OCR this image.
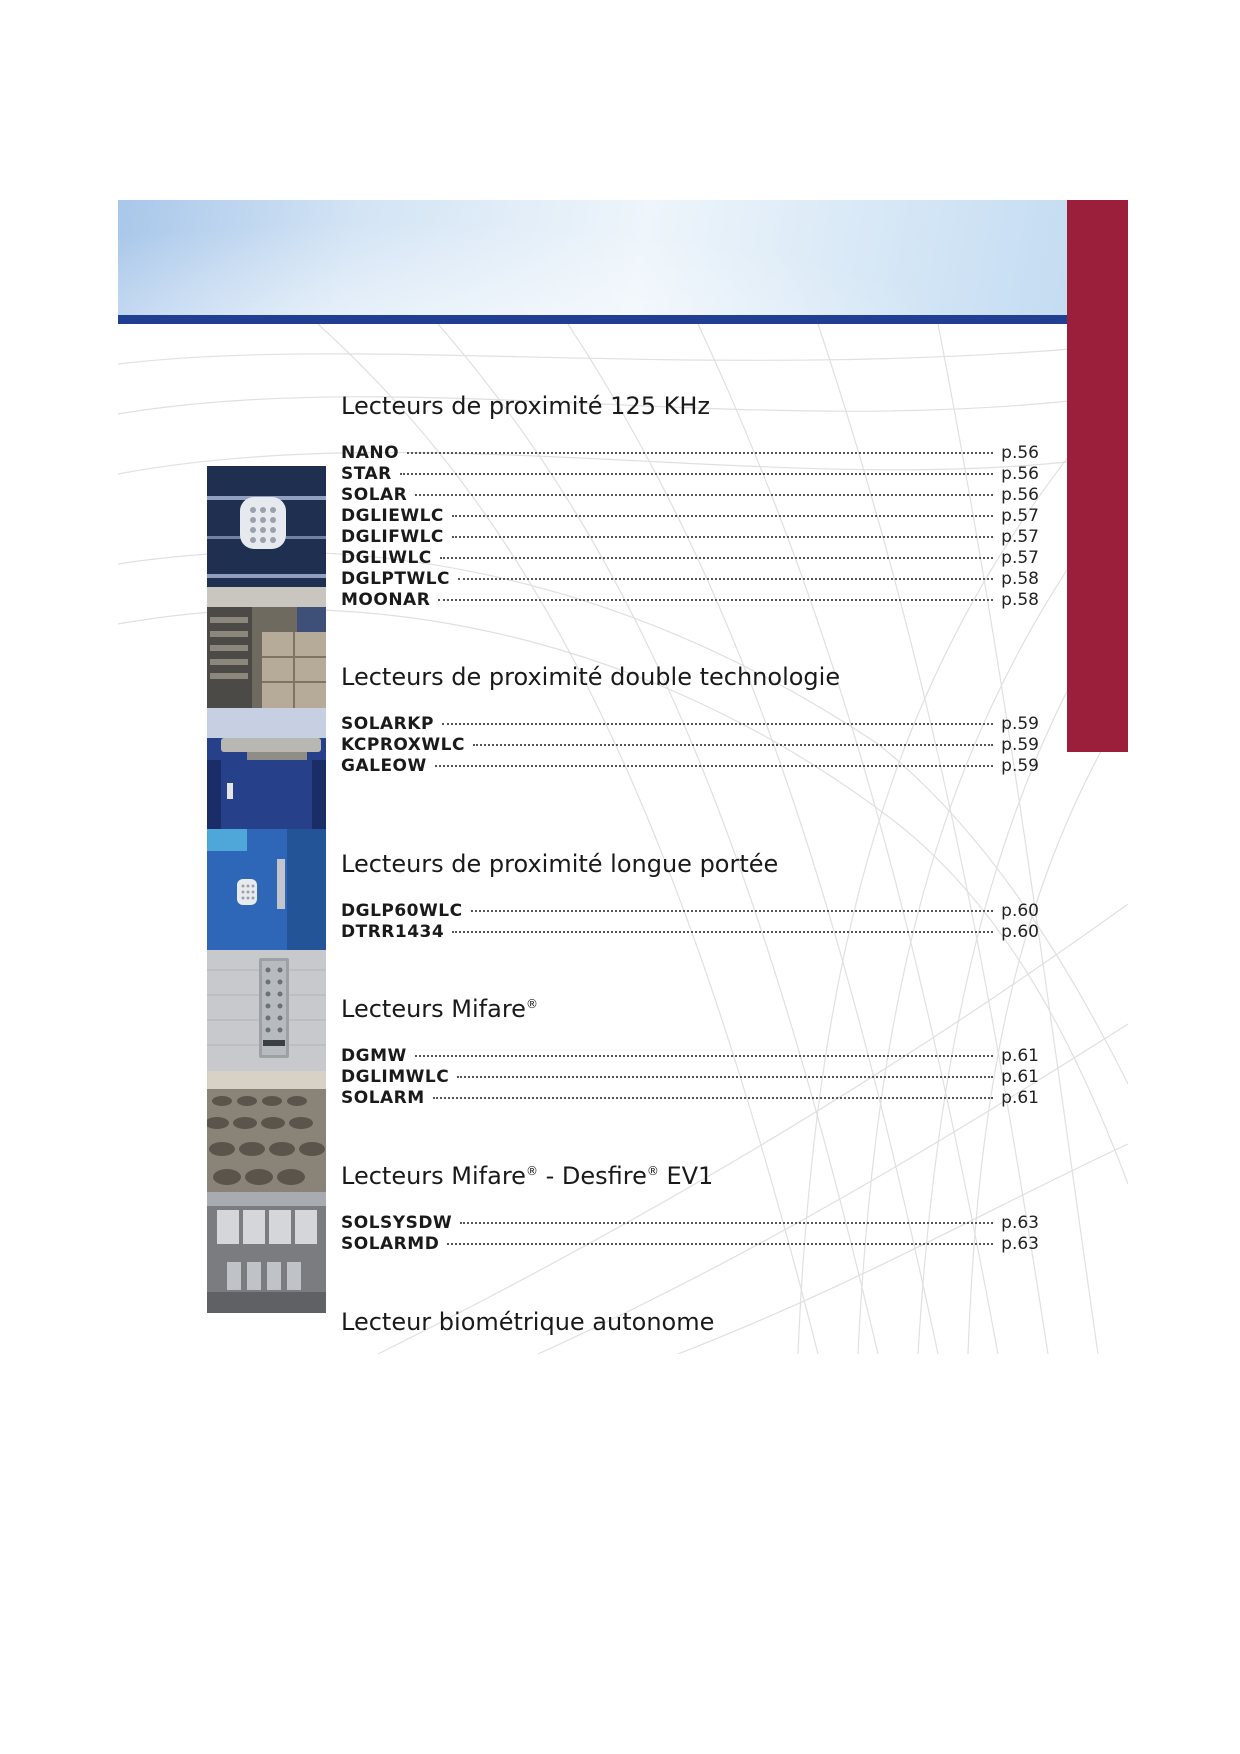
Lecteurs de proximité 125 KHz
NANO	p.56
STAR	p.56
SOLAR	p.56
DGLIEWLC	p.57
DGLIFWLC	p.57
DGLIWLC	p.57
DGLPTWLC	p.58
MOONAR	p.58
Lecteurs de proximité double technologie
SOLARKP	p.59
KCPROXWLC	p.59
GALEOW	p.59
Lecteurs de proximité longue portée
DGLP60WLC	p.60
DTRR1434	p.60
Lecteurs Mifare®
DGMW	p.61
DGLIMWLC	p.61
SOLARM	p.61
Lecteurs Mifare® - Desfire® EV1
SOLSYSDW	p.63
SOLARMD	p.63
Lecteur biométrique autonome
